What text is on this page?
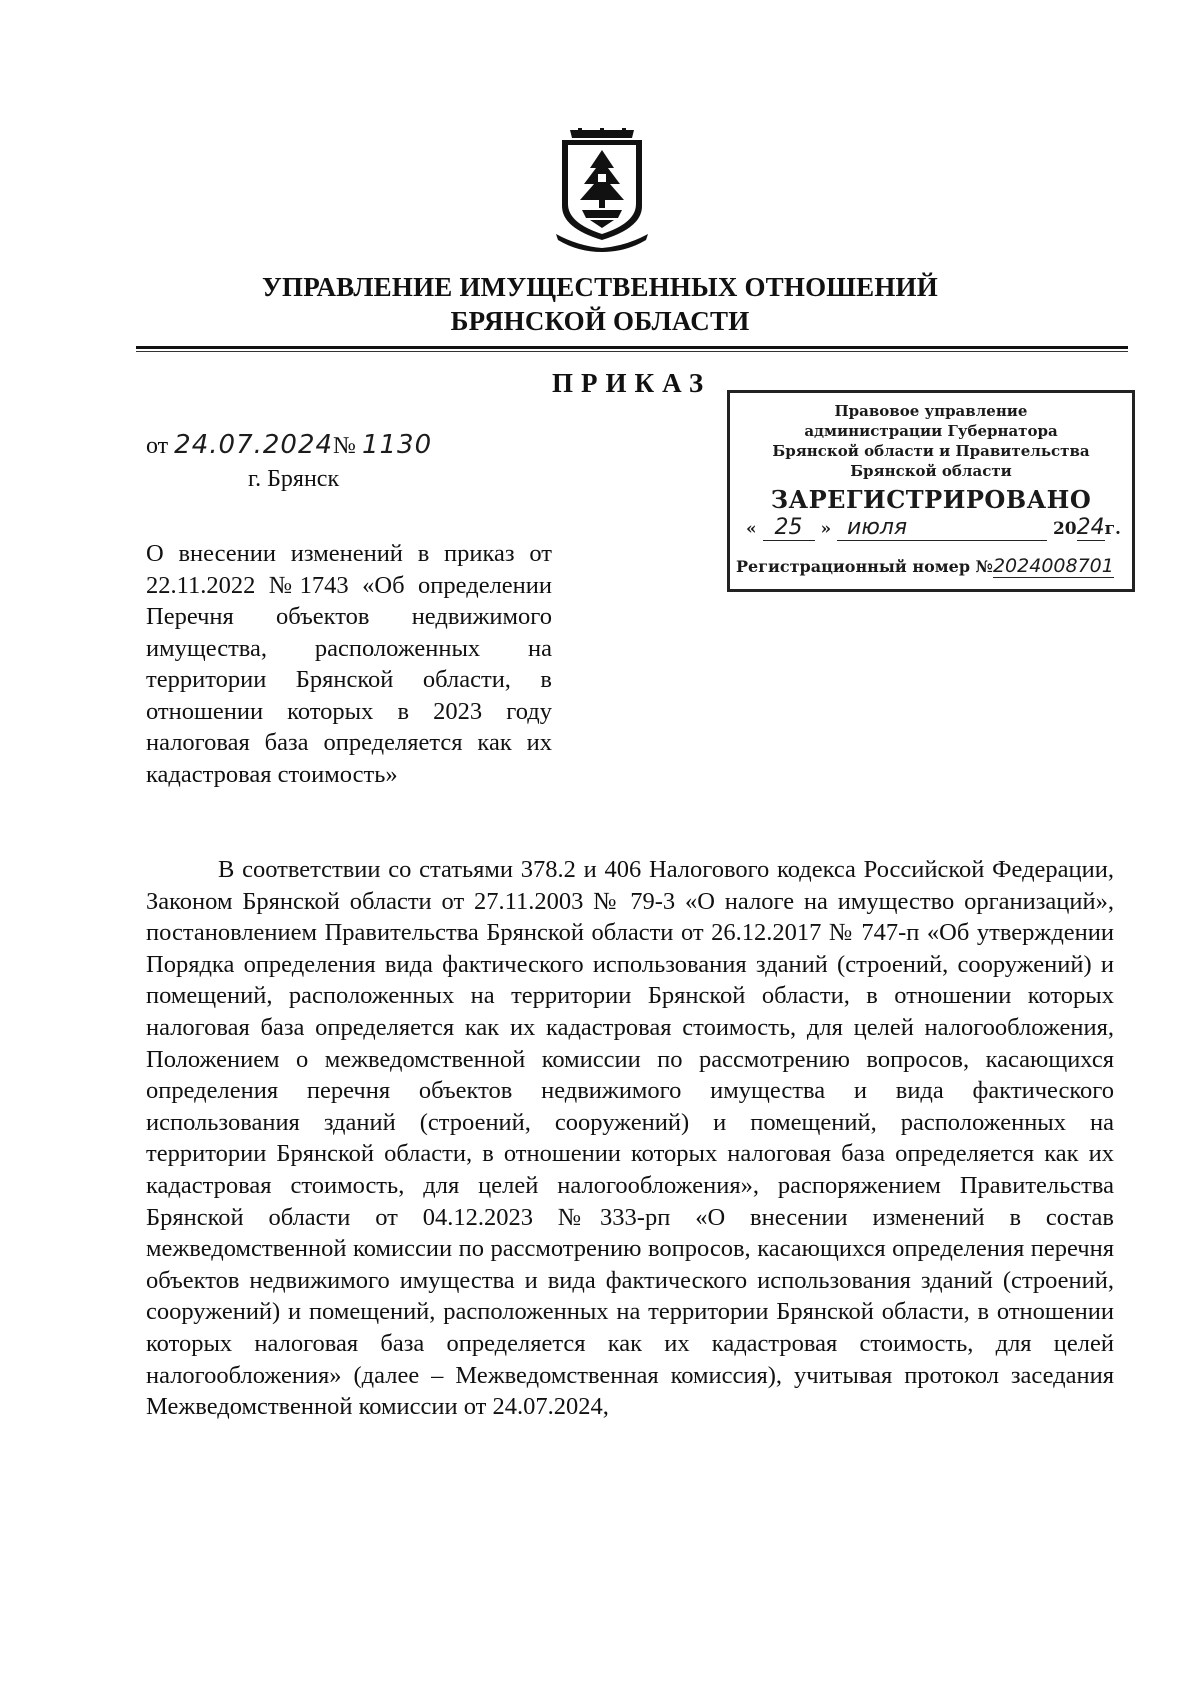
УПРАВЛЕНИЕ ИМУЩЕСТВЕННЫХ ОТНОШЕНИЙ
БРЯНСКОЙ ОБЛАСТИ
ПРИКАЗ
Правовое управление
администрации Губернатора
Брянской области и Правительства
Брянской области
ЗАРЕГИСТРИРОВАНО
« 25 » июля	2024г.
Регистрационный номер №2024008701
от 24.07.2024№ 1130
г. Брянск
О внесении изменений в приказ от 22.11.2022 №1743 «Об определении Перечня объектов недвижимого имущества, расположенных на территории Брянской области, в отношении которых в 2023 году налоговая база определяется как их кадастровая стоимость»
В соответствии со статьями 378.2 и 406 Налогового кодекса Российской Федерации, Законом Брянской области от 27.11.2003 № 79-3 «О налоге на имущество организаций», постановлением Правительства Брянской области от 26.12.2017 № 747-п «Об утверждении Порядка определения вида фактического использования зданий (строений, сооружений) и помещений, расположенных на территории Брянской области, в отношении которых налоговая база определяется как их кадастровая стоимость, для целей налогообложения, Положением о межведомственной комиссии по рассмотрению вопросов, касающихся определения перечня объектов недвижимого имущества и вида фактического использования зданий (строений, сооружений) и помещений, расположенных на территории Брянской области, в отношении которых налоговая база определяется как их кадастровая стоимость, для целей налогообложения», распоряжением Правительства Брянской области от 04.12.2023 №333-рп «О внесении изменений в состав межведомственной комиссии по рассмотрению вопросов, касающихся определения перечня объектов недвижимого имущества и вида фактического использования зданий (строений, сооружений) и помещений, расположенных на территории Брянской области, в отношении которых налоговая база определяется как их кадастровая стоимость, для целей налогообложения» (далее – Межведомственная комиссия), учитывая протокол заседания Межведомственной комиссии от 24.07.2024,
